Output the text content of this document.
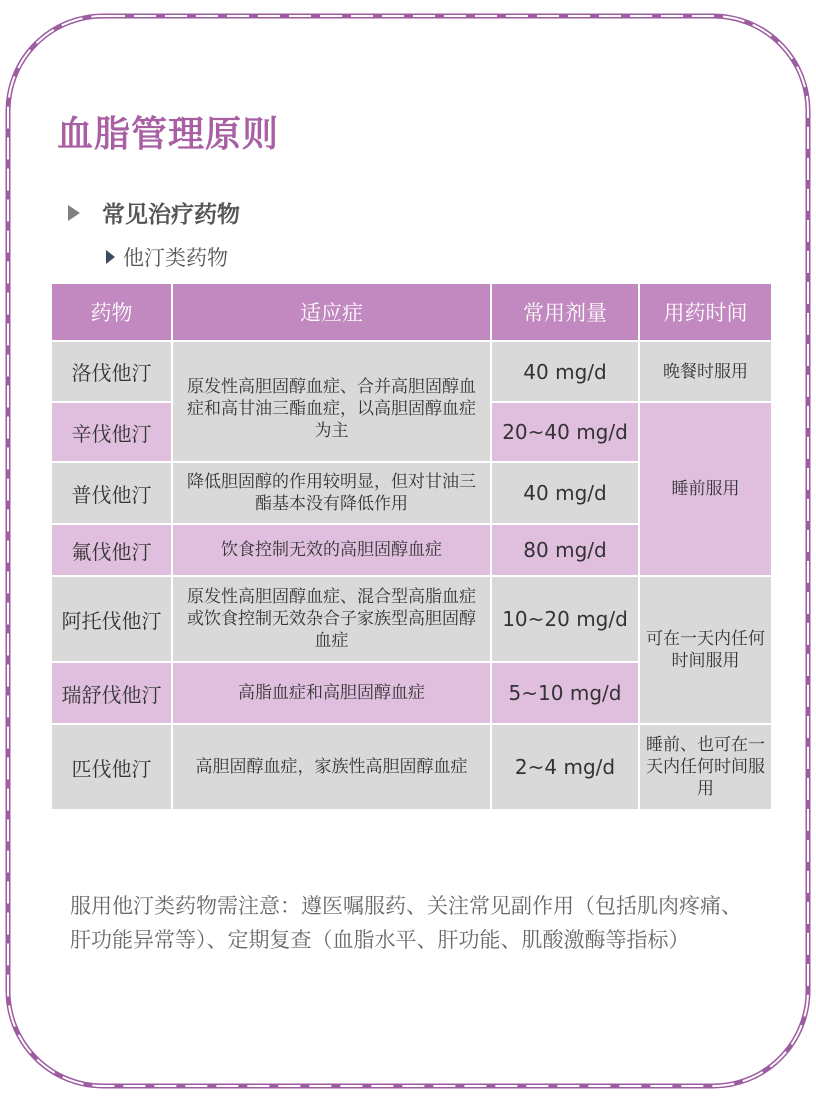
血脂管理原则
常见治疗药物
他汀类药物
药物	适应症	常用剂量	用药时间
洛伐他汀	原发性高胆固醇血症、合并高胆固醇血症和高甘油三酯血症，以高胆固醇血症为主	40 mg/d	晚餐时服用
辛伐他汀		20~40 mg/d	睡前服用
普伐他汀	降低胆固醇的作用较明显，但对甘油三酯基本没有降低作用	40 mg/d	
氟伐他汀	饮食控制无效的高胆固醇血症	80 mg/d	
阿托伐他汀	原发性高胆固醇血症、混合型高脂血症或饮食控制无效杂合子家族型高胆固醇血症	10~20 mg/d	可在一天内任何时间服用
瑞舒伐他汀	高脂血症和高胆固醇血症	5~10 mg/d	
匹伐他汀	高胆固醇血症，家族性高胆固醇血症	2~4 mg/d	睡前、也可在一天内任何时间服用

服用他汀类药物需注意：遵医嘱服药、关注常见副作用（包括肌肉疼痛、肝功能异常等）、定期复查（血脂水平、肝功能、肌酸激酶等指标）
